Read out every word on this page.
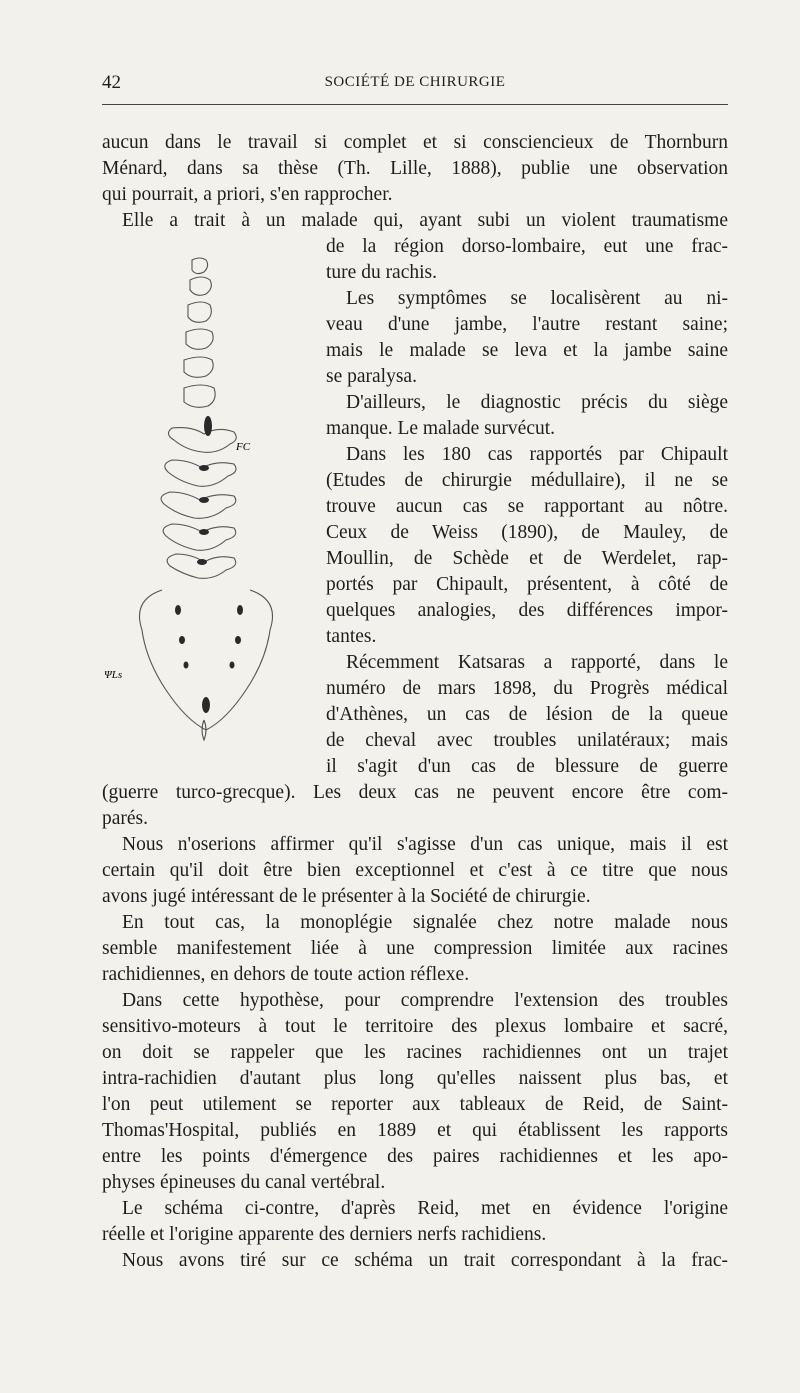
42	SOCIÉTÉ DE CHIRURGIE
FC
ΨLs
aucun dans le travail si complet et si consciencieux de Thornburn
Ménard, dans sa thèse (Th. Lille, 1888), publie une observation
qui pourrait, a priori, s'en rapprocher.
Elle a trait à un malade qui, ayant subi un violent traumatisme
de la région dorso-lombaire, eut une frac-
ture du rachis.
Les symptômes se localisèrent au ni-
veau d'une jambe, l'autre restant saine;
mais le malade se leva et la jambe saine
se paralysa.
D'ailleurs, le diagnostic précis du siège
manque. Le malade survécut.
Dans les 180 cas rapportés par Chipault
(Etudes de chirurgie médullaire), il ne se
trouve aucun cas se rapportant au nôtre.
Ceux de Weiss (1890), de Mauley, de
Moullin, de Schède et de Werdelet, rap-
portés par Chipault, présentent, à côté de
quelques analogies, des différences impor-
tantes.
Récemment Katsaras a rapporté, dans le
numéro de mars 1898, du Progrès médical
d'Athènes, un cas de lésion de la queue
de cheval avec troubles unilatéraux; mais
il s'agit d'un cas de blessure de guerre
(guerre turco-grecque). Les deux cas ne peuvent encore être com-
parés.
Nous n'oserions affirmer qu'il s'agisse d'un cas unique, mais il est
certain qu'il doit être bien exceptionnel et c'est à ce titre que nous
avons jugé intéressant de le présenter à la Société de chirurgie.
En tout cas, la monoplégie signalée chez notre malade nous
semble manifestement liée à une compression limitée aux racines
rachidiennes, en dehors de toute action réflexe.
Dans cette hypothèse, pour comprendre l'extension des troubles
sensitivo-moteurs à tout le territoire des plexus lombaire et sacré,
on doit se rappeler que les racines rachidiennes ont un trajet
intra-rachidien d'autant plus long qu'elles naissent plus bas, et
l'on peut utilement se reporter aux tableaux de Reid, de Saint-
Thomas'Hospital, publiés en 1889 et qui établissent les rapports
entre les points d'émergence des paires rachidiennes et les apo-
physes épineuses du canal vertébral.
Le schéma ci-contre, d'après Reid, met en évidence l'origine
réelle et l'origine apparente des derniers nerfs rachidiens.
Nous avons tiré sur ce schéma un trait correspondant à la frac-
